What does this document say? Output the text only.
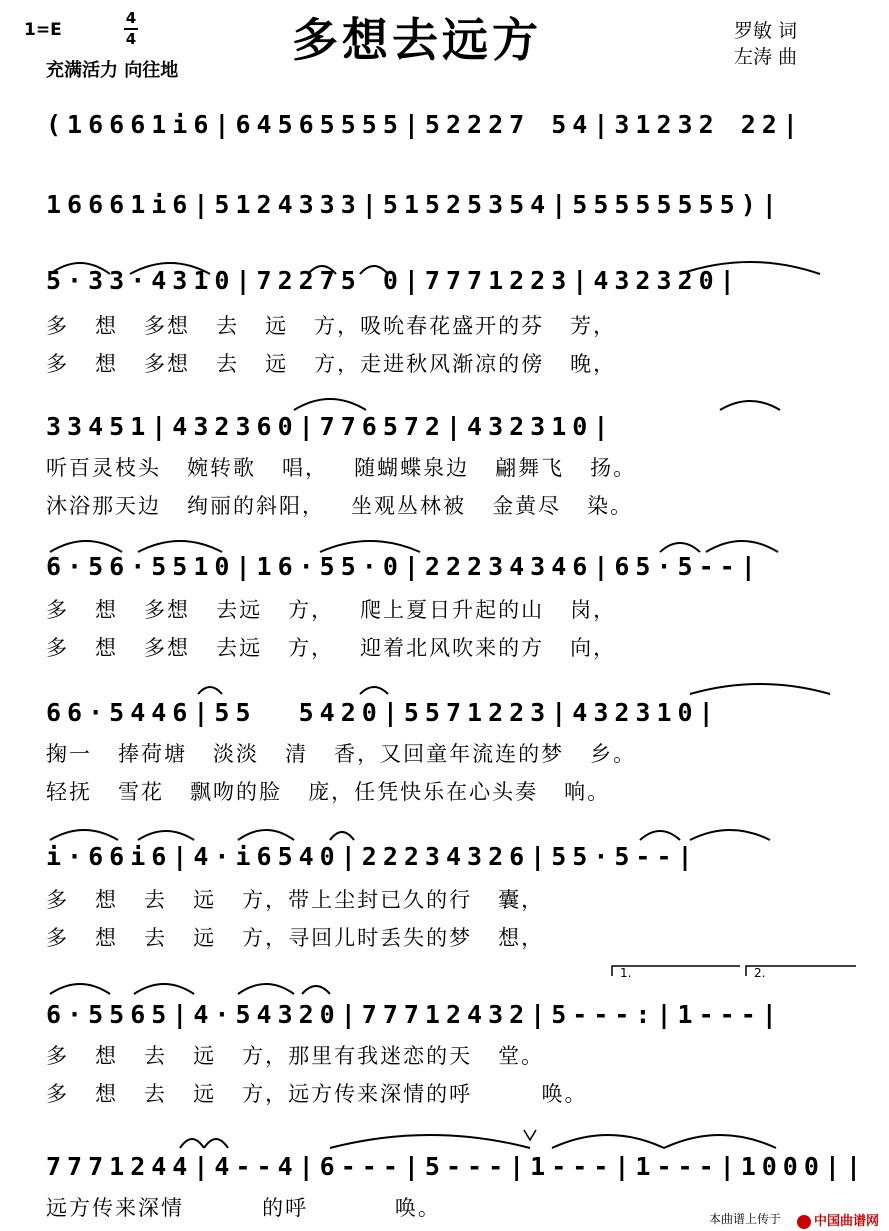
1=E
4
4	多想去远方
充满活力 向往地
罗敏 词
左涛 曲
(16661i6|64565555|52227 54|31232 22|
16661i6|5124333|51525354|55555555)|
5·33·4310|72275 0|7771223|432320|
多   想   多想   去   远   方，吸吮春花盛开的芬   芳，
多   想   多想   去   远   方，走进秋风渐凉的傍   晚，
33451|432360|776572|432310|
听百灵枝头   婉转歌   唱，   随蝴蝶泉边   翩舞飞   扬。
沐浴那天边   绚丽的斜阳，   坐观丛林被   金黄尽   染。
6·56·5510|16·55·0|22234346|65·5--|
多   想   多想   去远   方，   爬上夏日升起的山   岗，
多   想   多想   去远   方，   迎着北风吹来的方   向，
66·5446|55  5420|5571223|432310|
掬一   捧荷塘   淡淡   清   香，又回童年流连的梦   乡。
轻抚   雪花   飘吻的脸   庞，任凭快乐在心头奏   响。
i·66i6|4·i6540|22234326|55·5--|
多   想   去   远   方，带上尘封已久的行   囊，
多   想   去   远   方，寻回儿时丢失的梦   想，
1.	2.
6·5565|4·54320|77712432|5---:|1---|
多   想   去   远   方，那里有我迷恋的天   堂。
多   想   去   远   方，远方传来深情的呼        唤。
7771244|4--4|6---|5---|1---|1---|1000||
远方传来深情         的呼          唤。	本曲谱上传于	中国曲谱网
